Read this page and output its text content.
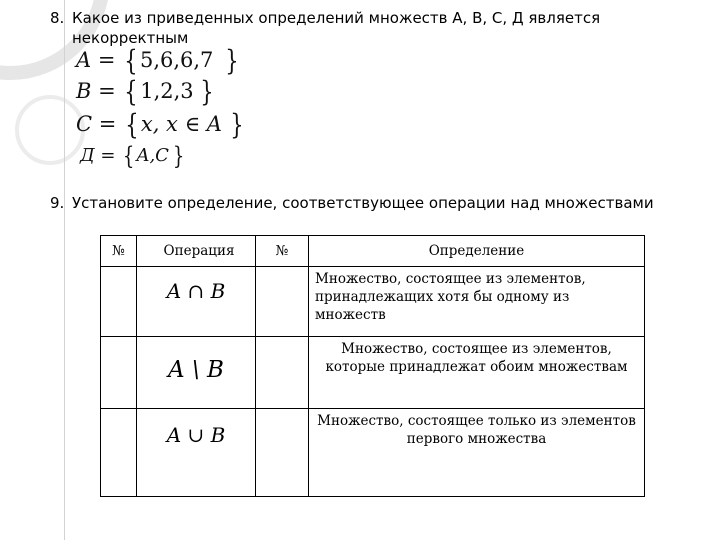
8. Какое из приведенных определений множеств А, В, С, Д является
некорректным
A = { 5,6,6,7 }
B = { 1,2,3 }
C = { x, x ∈ A }
Д = { A,C }
9. Установите определение, соответствующее операции над множествами
№	Операция	№	Определение

	A ∩ B		Множество, состоящее из элементов, принадлежащих хотя бы одному из множеств

	A \ B		Множество, состоящее из элементов, которые принадлежат обоим множествам

	A ∪ B		Множество, состоящее только из элементов первого множества
